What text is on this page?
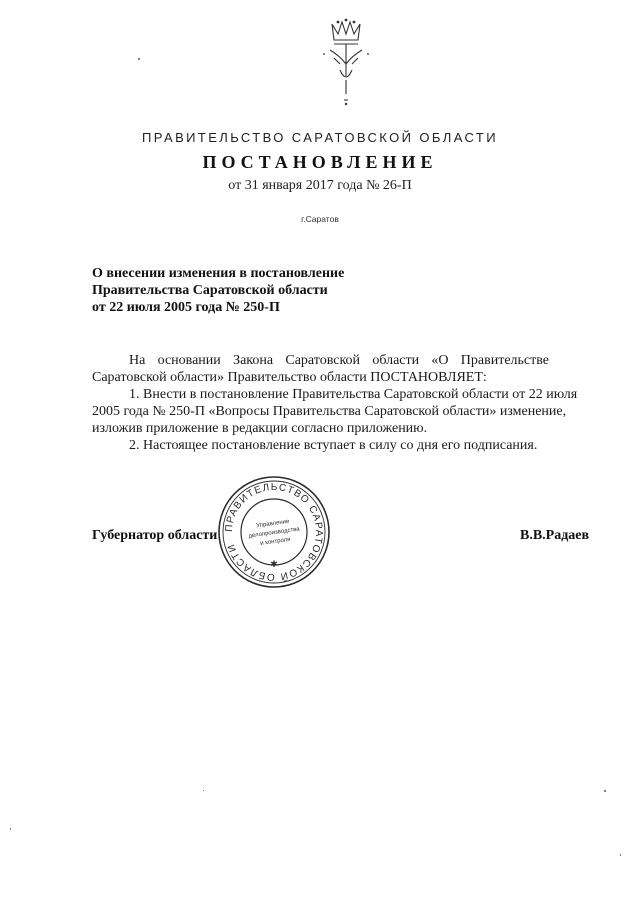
ПРАВИТЕЛЬСТВО САРАТОВСКОЙ ОБЛАСТИ
ПОСТАНОВЛЕНИЕ
от 31 января 2017 года № 26-П
г.Саратов
О внесении изменения в постановление
Правительства Саратовской области
от 22 июля 2005 года № 250-П
На основании Закона Саратовской области «О Правительстве
Саратовской области» Правительство области ПОСТАНОВЛЯЕТ:
1. Внести в постановление Правительства Саратовской области от 22 июля
2005 года № 250-П «Вопросы Правительства Саратовской области» изменение,
изложив приложение в редакции согласно приложению.
2. Настоящее постановление вступает в силу со дня его подписания.
Губернатор области	В.В.Радаев
ПРАВИТЕЛЬСТВО САРАТОВСКОЙ ОБЛАСТИ
✱
Управление
делопроизводства
и контроля
